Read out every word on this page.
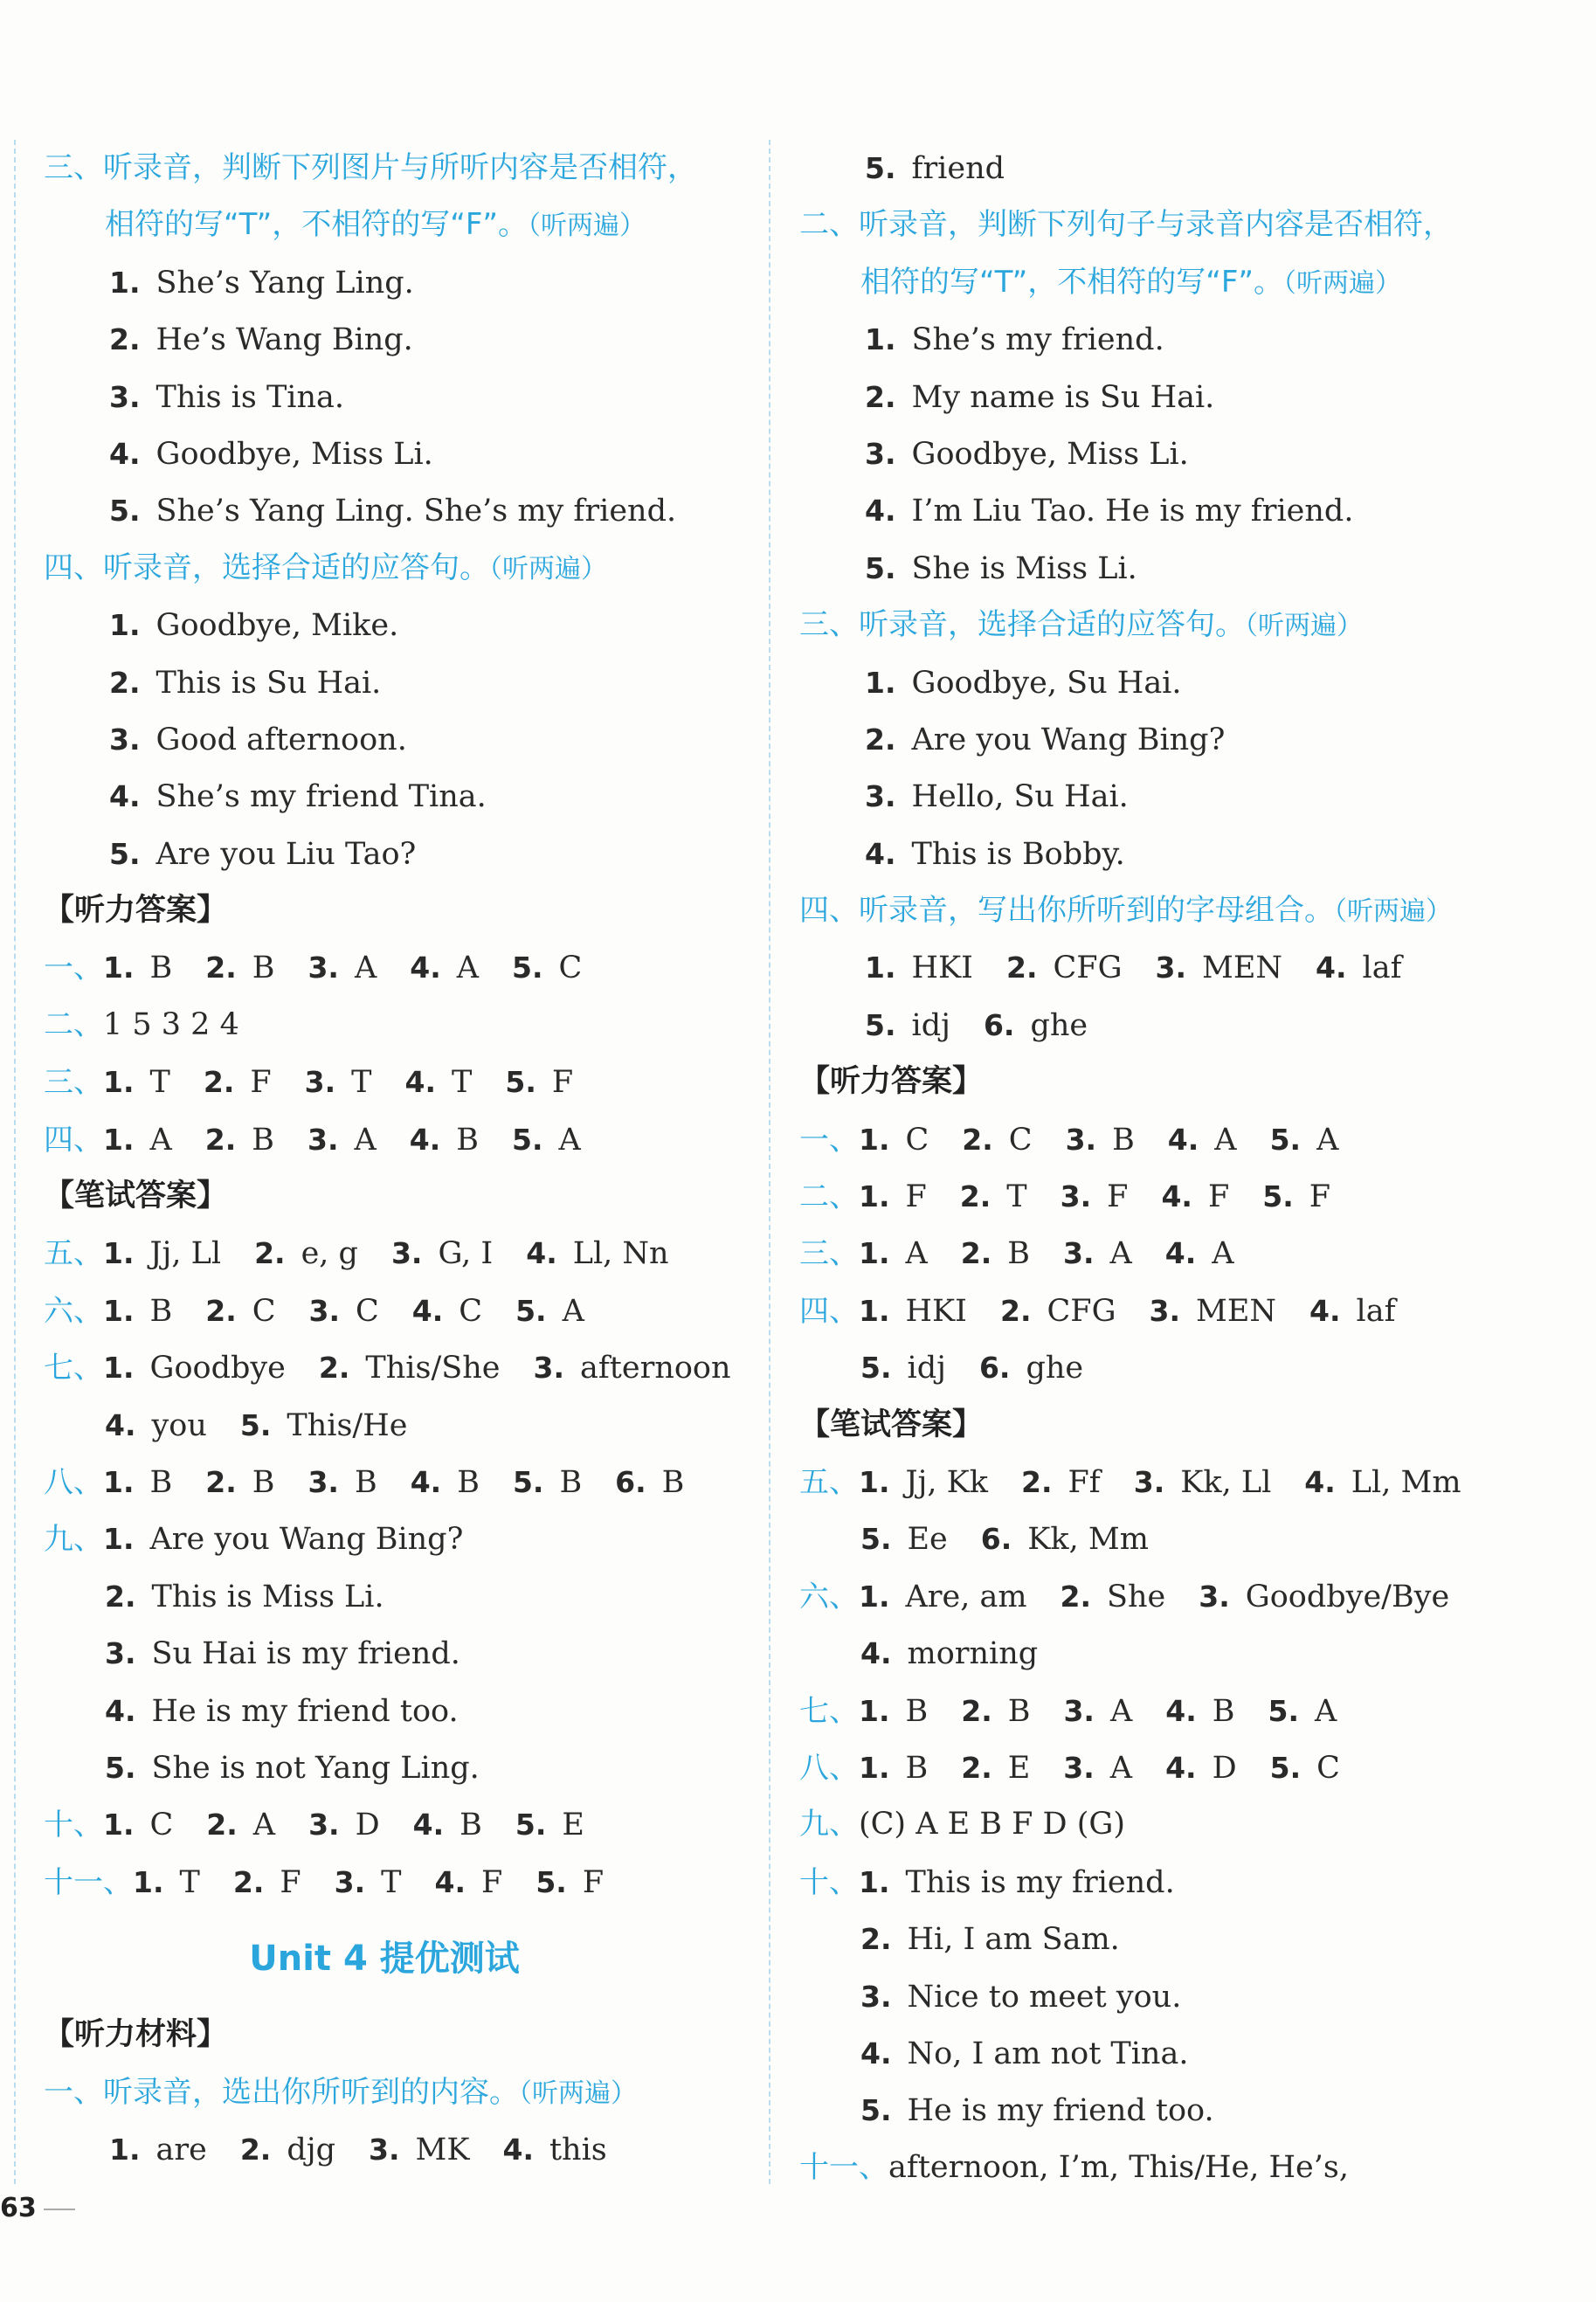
三、听录音，判断下列图片与所听内容是否相符，
相符的写“T”，不相符的写“F”。（听两遍）
1. She’s Yang Ling.
2. He’s Wang Bing.
3. This is Tina.
4. Goodbye, Miss Li.
5. She’s Yang Ling. She’s my friend.
四、听录音，选择合适的应答句。（听两遍）
1. Goodbye, Mike.
2. This is Su Hai.
3. Good afternoon.
4. She’s my friend Tina.
5. Are you Liu Tao?
【听力答案】
一、1. B 2. B 3. A 4. A 5. C
二、1 5 3 2 4
三、1. T 2. F 3. T 4. T 5. F
四、1. A 2. B 3. A 4. B 5. A
【笔试答案】
五、1. Jj, Ll 2. e, g 3. G, I 4. Ll, Nn
六、1. B 2. C 3. C 4. C 5. A
七、1. Goodbye 2. This/She 3. afternoon
4. you 5. This/He
八、1. B 2. B 3. B 4. B 5. B 6. B
九、1. Are you Wang Bing?
2. This is Miss Li.
3. Su Hai is my friend.
4. He is my friend too.
5. She is not Yang Ling.
十、1. C 2. A 3. D 4. B 5. E
十一、1. T 2. F 3. T 4. F 5. F
Unit 4 提优测试
【听力材料】
一、听录音，选出你所听到的内容。（听两遍）
1. are 2. djg 3. MK 4. this
5. friend
二、听录音，判断下列句子与录音内容是否相符，
相符的写“T”，不相符的写“F”。（听两遍）
1. She’s my friend.
2. My name is Su Hai.
3. Goodbye, Miss Li.
4. I’m Liu Tao. He is my friend.
5. She is Miss Li.
三、听录音，选择合适的应答句。（听两遍）
1. Goodbye, Su Hai.
2. Are you Wang Bing?
3. Hello, Su Hai.
4. This is Bobby.
四、听录音，写出你所听到的字母组合。（听两遍）
1. HKI 2. CFG 3. MEN 4. laf
5. idj 6. ghe
【听力答案】
一、1. C 2. C 3. B 4. A 5. A
二、1. F 2. T 3. F 4. F 5. F
三、1. A 2. B 3. A 4. A
四、1. HKI 2. CFG 3. MEN 4. laf
5. idj 6. ghe
【笔试答案】
五、1. Jj, Kk 2. Ff 3. Kk, Ll 4. Ll, Mm
5. Ee 6. Kk, Mm
六、1. Are, am 2. She 3. Goodbye/Bye
4. morning
七、1. B 2. B 3. A 4. B 5. A
八、1. B 2. E 3. A 4. D 5. C
九、(C) A E B F D (G)
十、1. This is my friend.
2. Hi, I am Sam.
3. Nice to meet you.
4. No, I am not Tina.
5. He is my friend too.
十一、afternoon, I’m, This/He, He’s,
63
